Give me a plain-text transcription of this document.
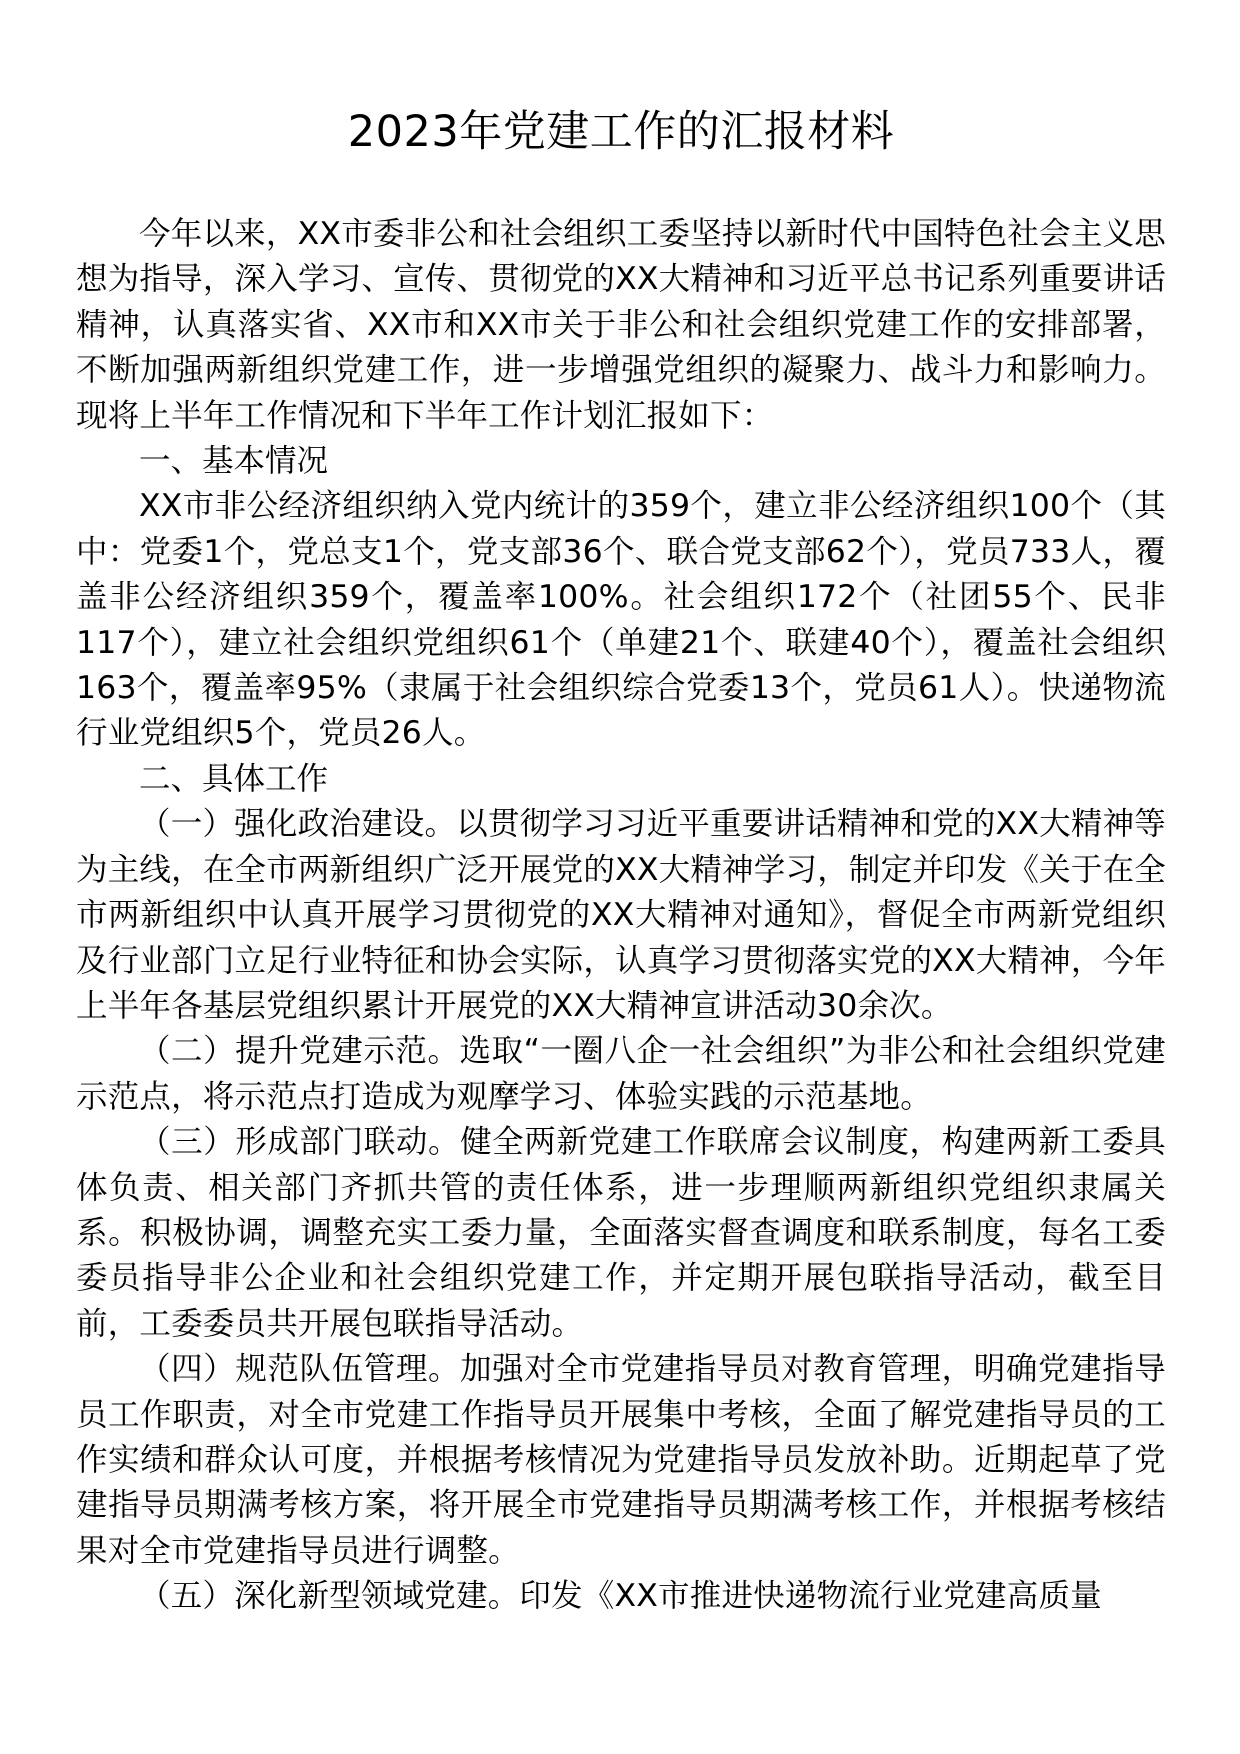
2023年党建工作的汇报材料

今年以来，XX市委非公和社会组织工委坚持以新时代中国特色社会主义思想为指导，深入学习、宣传、贯彻党的XX大精神和习近平总书记系列重要讲话精神，认真落实省、XX市和XX市关于非公和社会组织党建工作的安排部署，不断加强两新组织党建工作，进一步增强党组织的凝聚力、战斗力和影响力。现将上半年工作情况和下半年工作计划汇报如下：

一、基本情况

XX市非公经济组织纳入党内统计的359个，建立非公经济组织100个（其中：党委1个，党总支1个，党支部36个、联合党支部62个），党员733人，覆盖非公经济组织359个，覆盖率100%。社会组织172个（社团55个、民非117个），建立社会组织党组织61个（单建21个、联建40个），覆盖社会组织163个，覆盖率95%（隶属于社会组织综合党委13个，党员61人）。快递物流行业党组织5个，党员26人。

二、具体工作

（一）强化政治建设。以贯彻学习习近平重要讲话精神和党的XX大精神等为主线，在全市两新组织广泛开展党的XX大精神学习，制定并印发《关于在全市两新组织中认真开展学习贯彻党的XX大精神对通知》，督促全市两新党组织及行业部门立足行业特征和协会实际，认真学习贯彻落实党的XX大精神，今年上半年各基层党组织累计开展党的XX大精神宣讲活动30余次。

（二）提升党建示范。选取“一圈八企一社会组织”为非公和社会组织党建示范点，将示范点打造成为观摩学习、体验实践的示范基地。

（三）形成部门联动。健全两新党建工作联席会议制度，构建两新工委具体负责、相关部门齐抓共管的责任体系，进一步理顺两新组织党组织隶属关系。积极协调，调整充实工委力量，全面落实督查调度和联系制度，每名工委委员指导非公企业和社会组织党建工作，并定期开展包联指导活动，截至目前，工委委员共开展包联指导活动。

（四）规范队伍管理。加强对全市党建指导员对教育管理，明确党建指导员工作职责，对全市党建工作指导员开展集中考核，全面了解党建指导员的工作实绩和群众认可度，并根据考核情况为党建指导员发放补助。近期起草了党建指导员期满考核方案，将开展全市党建指导员期满考核工作，并根据考核结果对全市党建指导员进行调整。

（五）深化新型领域党建。印发《XX市推进快递物流行业党建高质量
